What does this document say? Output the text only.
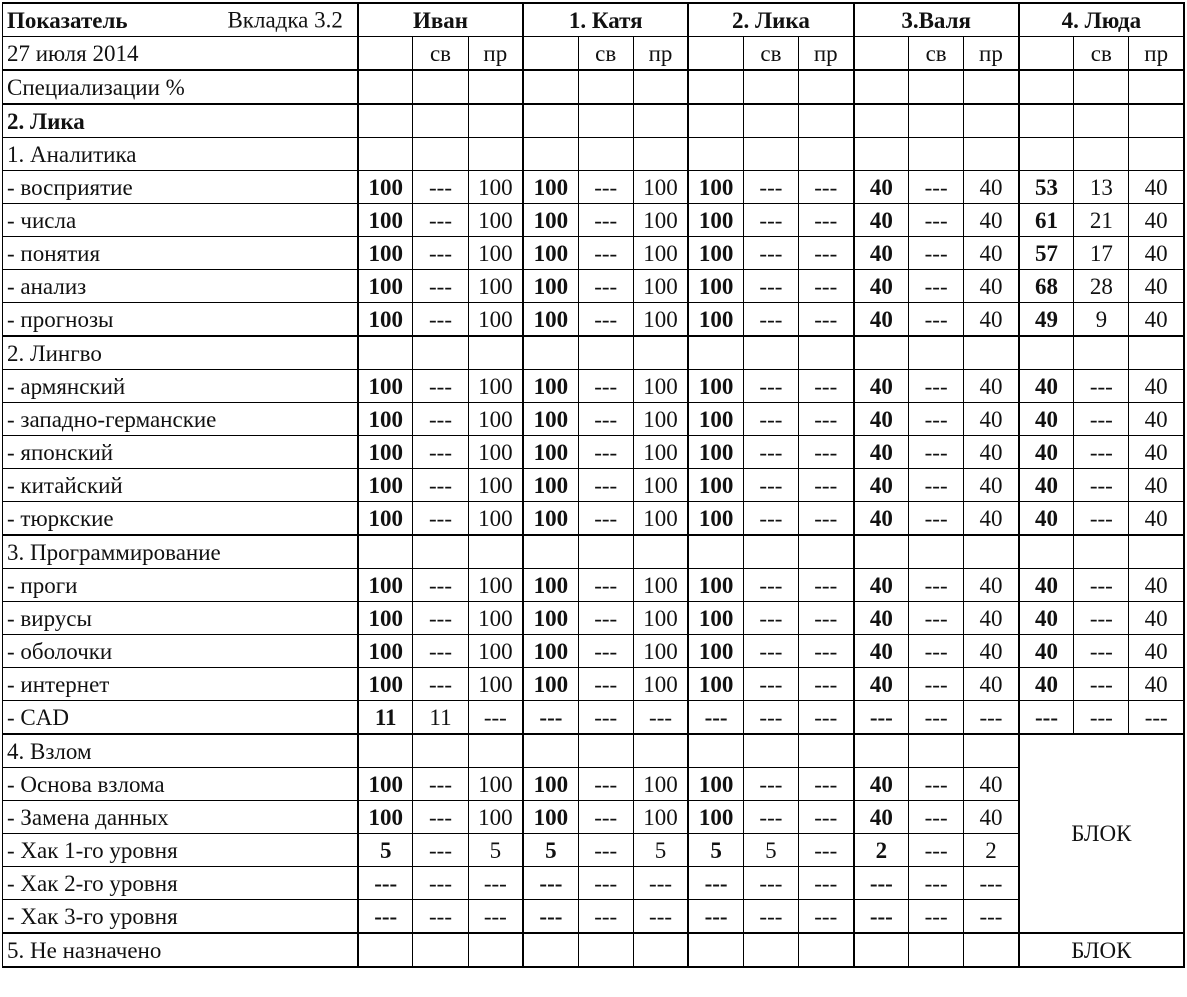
Показатель Вкладка 3.2	Иван			1. Катя			2. Лика			3.Валя			4. Люда		
27 июля 2014		св	пр		св	пр		св	пр		св	пр		св	пр
Специализации %															
2. Лика															
1. Аналитика															
- восприятие	100	---	100	100	---	100	100	---	---	40	---	40	53	13	40
- числа	100	---	100	100	---	100	100	---	---	40	---	40	61	21	40
- понятия	100	---	100	100	---	100	100	---	---	40	---	40	57	17	40
- анализ	100	---	100	100	---	100	100	---	---	40	---	40	68	28	40
- прогнозы	100	---	100	100	---	100	100	---	---	40	---	40	49	9	40
2. Лингво															
- армянский	100	---	100	100	---	100	100	---	---	40	---	40	40	---	40
- западно-германские	100	---	100	100	---	100	100	---	---	40	---	40	40	---	40
- японский	100	---	100	100	---	100	100	---	---	40	---	40	40	---	40
- китайский	100	---	100	100	---	100	100	---	---	40	---	40	40	---	40
- тюркские	100	---	100	100	---	100	100	---	---	40	---	40	40	---	40
3. Программирование															
- проги	100	---	100	100	---	100	100	---	---	40	---	40	40	---	40
- вирусы	100	---	100	100	---	100	100	---	---	40	---	40	40	---	40
- оболочки	100	---	100	100	---	100	100	---	---	40	---	40	40	---	40
- интернет	100	---	100	100	---	100	100	---	---	40	---	40	40	---	40
- CAD	11	11	---	---	---	---	---	---	---	---	---	---	---	---	---
4. Взлом													БЛОК		
- Основа взлома	100	---	100	100	---	100	100	---	---	40	---	40			
- Замена данных	100	---	100	100	---	100	100	---	---	40	---	40			
- Хак 1-го уровня	5	---	5	5	---	5	5	5	---	2	---	2			
- Хак 2-го уровня	---	---	---	---	---	---	---	---	---	---	---	---			
- Хак 3-го уровня	---	---	---	---	---	---	---	---	---	---	---	---			
5. Не назначено													БЛОК		
